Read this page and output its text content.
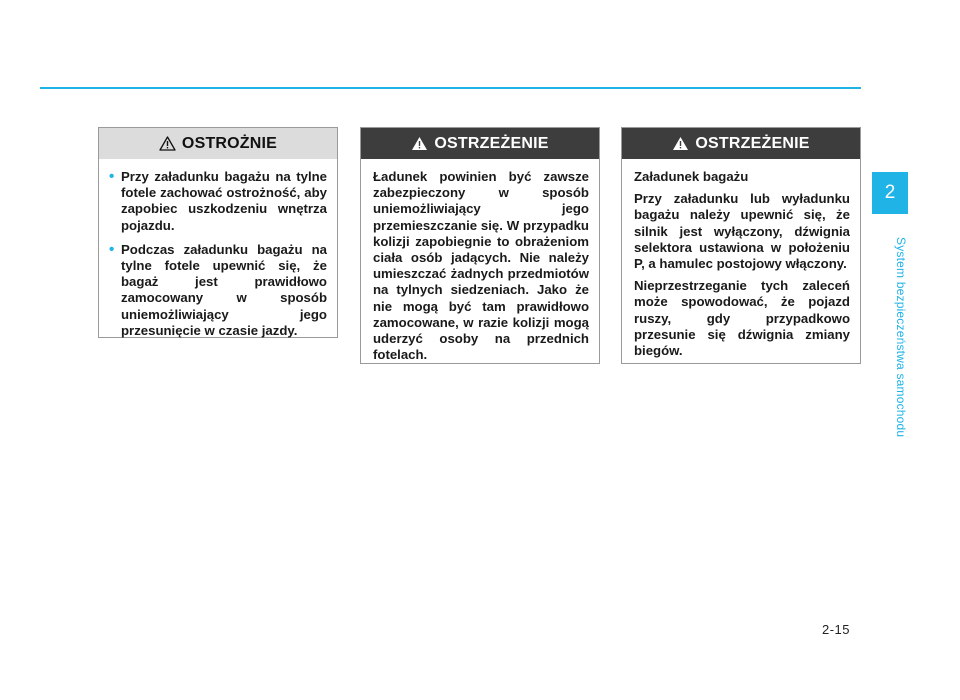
OSTROŻNIE
• Przy załadunku bagażu na tylne fotele zachować ostrożność, aby zapobiec uszkodzeniu wnętrza pojazdu.
• Podczas załadunku bagażu na tylne fotele upewnić się, że bagaż jest prawidłowo zamocowany w sposób uniemożliwiający jego przesunięcie w czasie jazdy.
OSTRZEŻENIE

Ładunek powinien być zawsze zabezpieczony w sposób uniemożliwiający jego przemieszczanie się. W przypadku kolizji zapobiegnie to obrażeniom ciała osób jadących. Nie należy umieszczać żadnych przedmiotów na tylnych siedzeniach. Jako że nie mogą być tam prawidłowo zamocowane, w razie kolizji mogą uderzyć osoby na przednich fotelach.

OSTRZEŻENIE

Załadunek bagażu

Przy załadunku lub wyładunku bagażu należy upewnić się, że silnik jest wyłączony, dźwignia selektora ustawiona w położeniu P, a hamulec postojowy włączony.

Nieprzestrzeganie tych zaleceń może spowodować, że pojazd ruszy, gdy przypadkowo przesunie się dźwignia zmiany biegów.

2
System bezpieczeństwa samochodu
2-15
